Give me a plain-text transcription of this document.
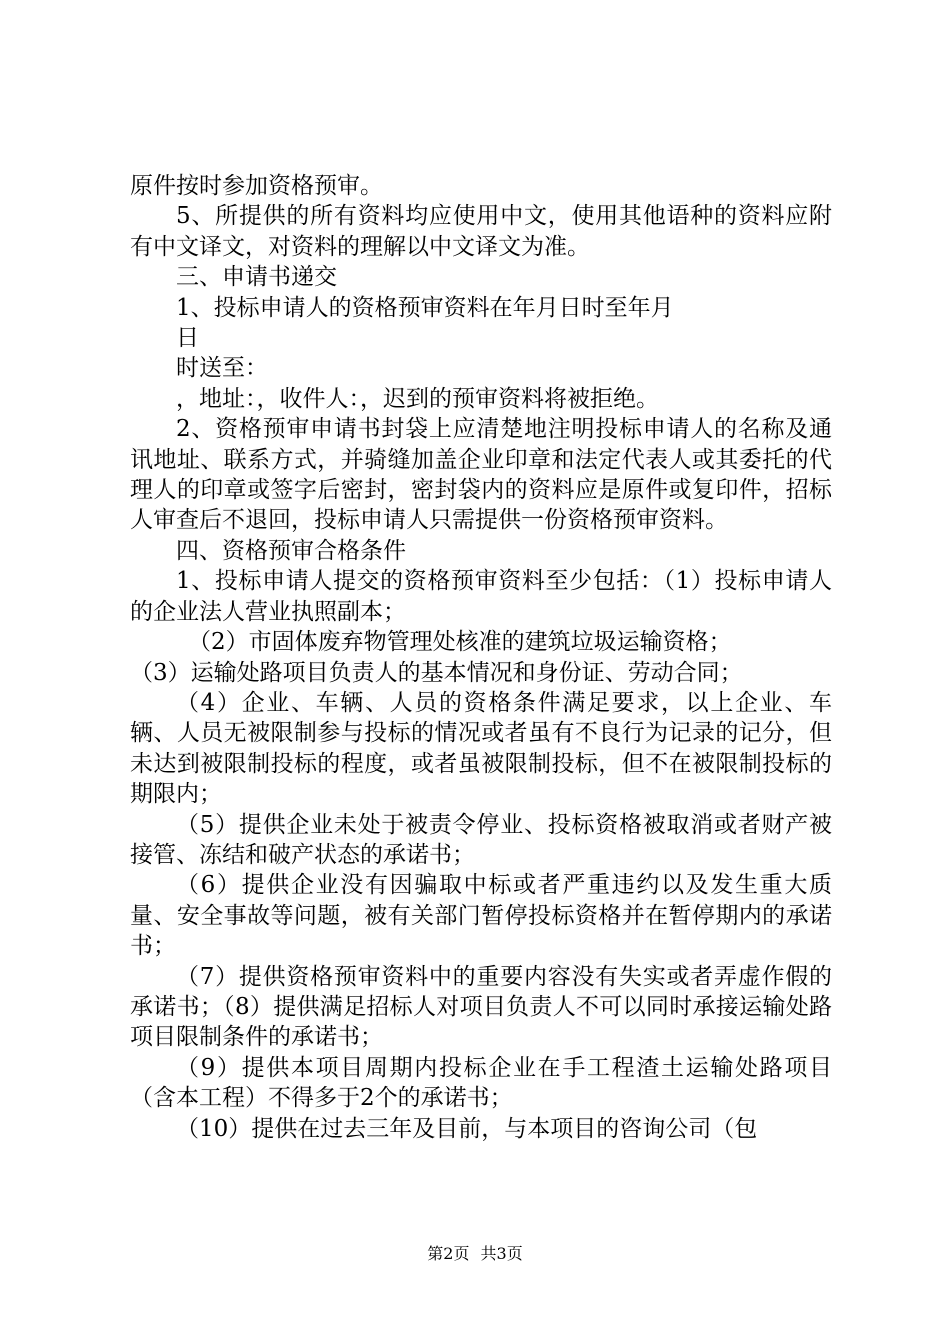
原件按时参加资格预审。

5、所提供的所有资料均应使用中文，使用其他语种的资料应附有中文译文，对资料的理解以中文译文为准。

三、申请书递交

1、投标申请人的资格预审资料在年月日时至年月

日

时送至：

，地址：，收件人：，迟到的预审资料将被拒绝。

2、资格预审申请书封袋上应清楚地注明投标申请人的名称及通讯地址、联系方式，并骑缝加盖企业印章和法定代表人或其委托的代理人的印章或签字后密封，密封袋内的资料应是原件或复印件，招标人审查后不退回，投标申请人只需提供一份资格预审资料。

四、资格预审合格条件

1、投标申请人提交的资格预审资料至少包括：（1）投标申请人的企业法人营业执照副本；

（2）市固体废弃物管理处核准的建筑垃圾运输资格；

（3）运输处路项目负责人的基本情况和身份证、劳动合同；

（4）企业、车辆、人员的资格条件满足要求，以上企业、车辆、人员无被限制参与投标的情况或者虽有不良行为记录的记分，但未达到被限制投标的程度，或者虽被限制投标，但不在被限制投标的期限内；

（5）提供企业未处于被责令停业、投标资格被取消或者财产被接管、冻结和破产状态的承诺书；

（6）提供企业没有因骗取中标或者严重违约以及发生重大质量、安全事故等问题，被有关部门暂停投标资格并在暂停期内的承诺书；

（7）提供资格预审资料中的重要内容没有失实或者弄虚作假的承诺书；（8）提供满足招标人对项目负责人不可以同时承接运输处路项目限制条件的承诺书；

（9）提供本项目周期内投标企业在手工程渣土运输处路项目（含本工程）不得多于2个的承诺书；

（10）提供在过去三年及目前，与本项目的咨询公司（包

第2页 共3页
